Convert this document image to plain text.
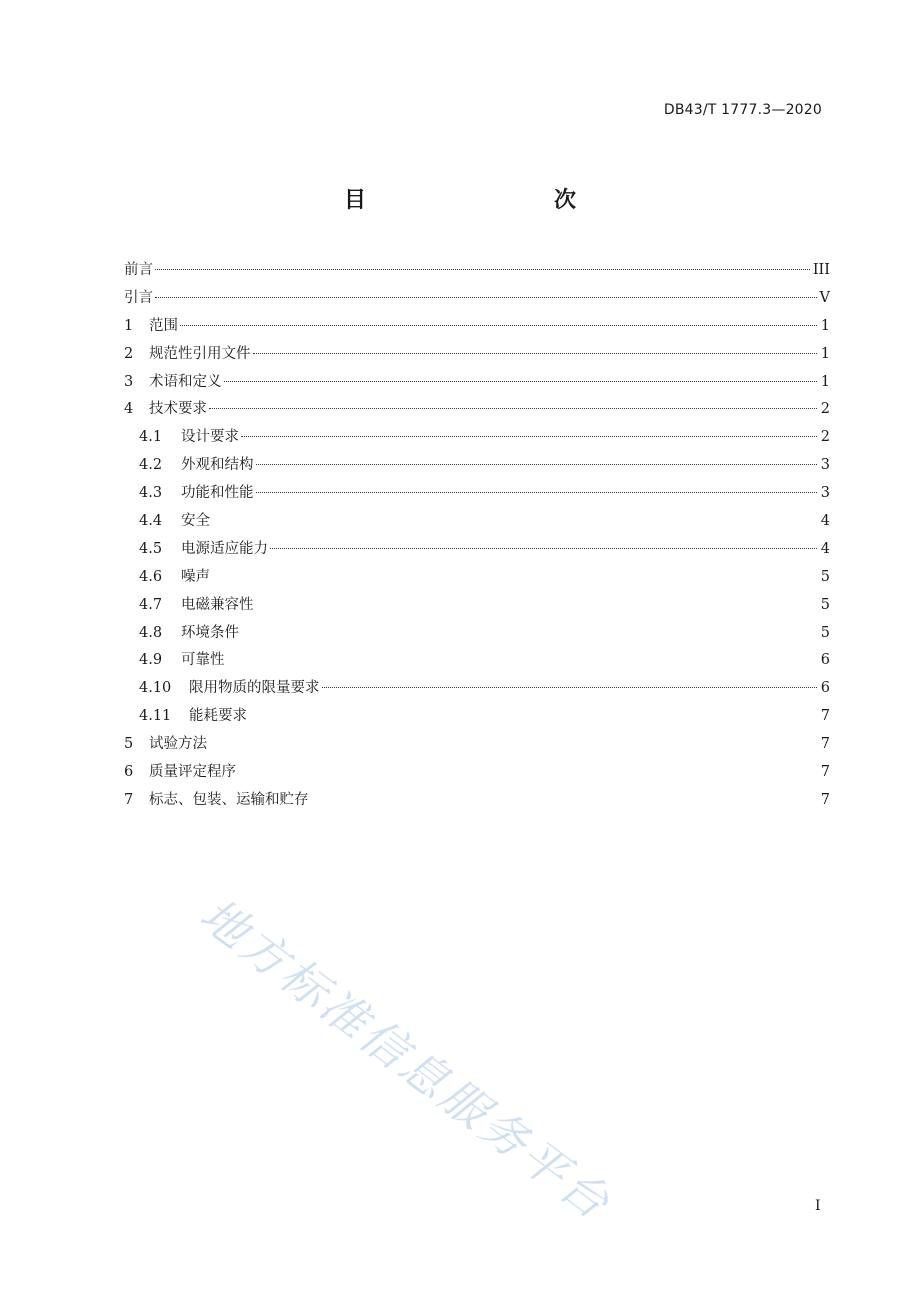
DB43/T 1777.3—2020
目　　次
前言	III
引言	V
1	范围	1
2	规范性引用文件	1
3	术语和定义	1
4	技术要求	2
4.1	设计要求	2
4.2	外观和结构	3
4.3	功能和性能	3
4.4	安全	4
4.5	电源适应能力	4
4.6	噪声	5
4.7	电磁兼容性	5
4.8	环境条件	5
4.9	可靠性	6
4.10	限用物质的限量要求	6
4.11	能耗要求	7
5	试验方法	7
6	质量评定程序	7
7	标志、包装、运输和贮存	7
I
地方标准信息服务平台
